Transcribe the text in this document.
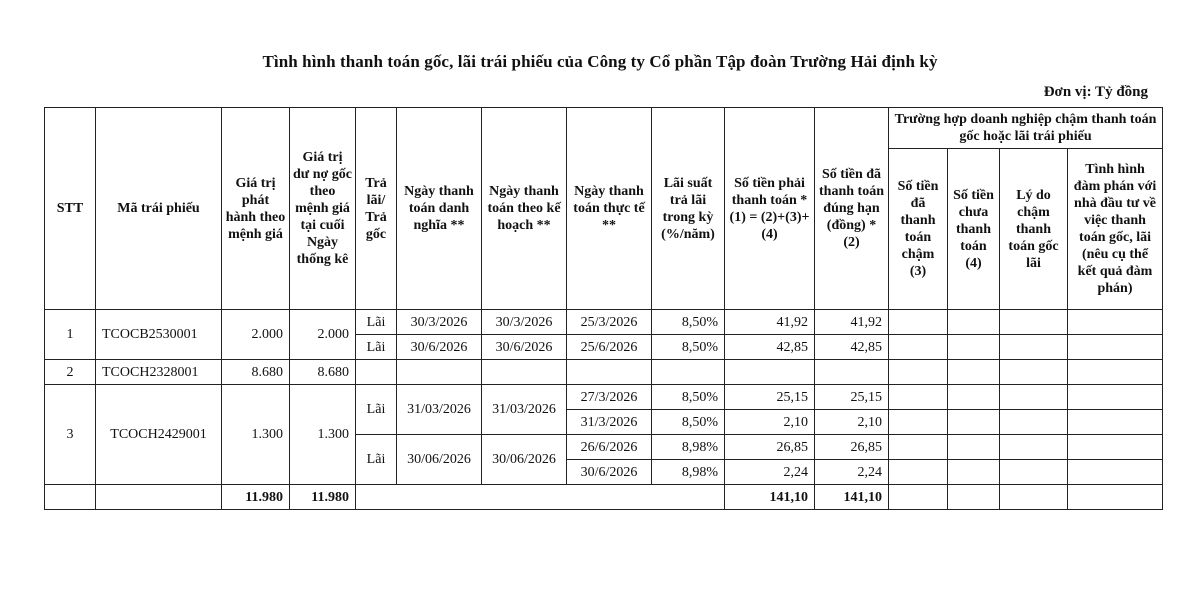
Tình hình thanh toán gốc, lãi trái phiếu của Công ty Cổ phần Tập đoàn Trường Hải định kỳ
Đơn vị: Tỷ đồng
STT	Mã trái phiếu	Giá trị phát hành theo mệnh giá	Giá trị dư nợ gốc theo mệnh giá tại cuối Ngày thống kê	Trả lãi/ Trả gốc	Ngày thanh toán danh nghĩa **	Ngày thanh toán theo kế hoạch **	Ngày thanh toán thực tế **	Lãi suất trả lãi trong kỳ (%/năm)	Số tiền phải thanh toán * (1) = (2)+(3)+(4)	Số tiền đã thanh toán đúng hạn (đồng) * (2)	Trường hợp doanh nghiệp chậm thanh toán gốc hoặc lãi trái phiếu			
											Số tiền đã thanh toán chậm (3)	Số tiền chưa thanh toán (4)	Lý do chậm thanh toán gốc lãi	Tình hình đàm phán với nhà đầu tư về việc thanh toán gốc, lãi (nêu cụ thể kết quả đàm phán)
1	TCOCB2530001	2.000	2.000	Lãi	30/3/2026	30/3/2026	25/3/2026	8,50%	41,92	41,92				
				Lãi	30/6/2026	30/6/2026	25/6/2026	8,50%	42,85	42,85				
2	TCOCH2328001	8.680	8.680											
3	TCOCH2429001	1.300	1.300	Lãi	31/03/2026	31/03/2026	27/3/2026	8,50%	25,15	25,15				
							31/3/2026	8,50%	2,10	2,10				
				Lãi	30/06/2026	30/06/2026	26/6/2026	8,98%	26,85	26,85				
							30/6/2026	8,98%	2,24	2,24				
		11.980	11.980						141,10	141,10				
